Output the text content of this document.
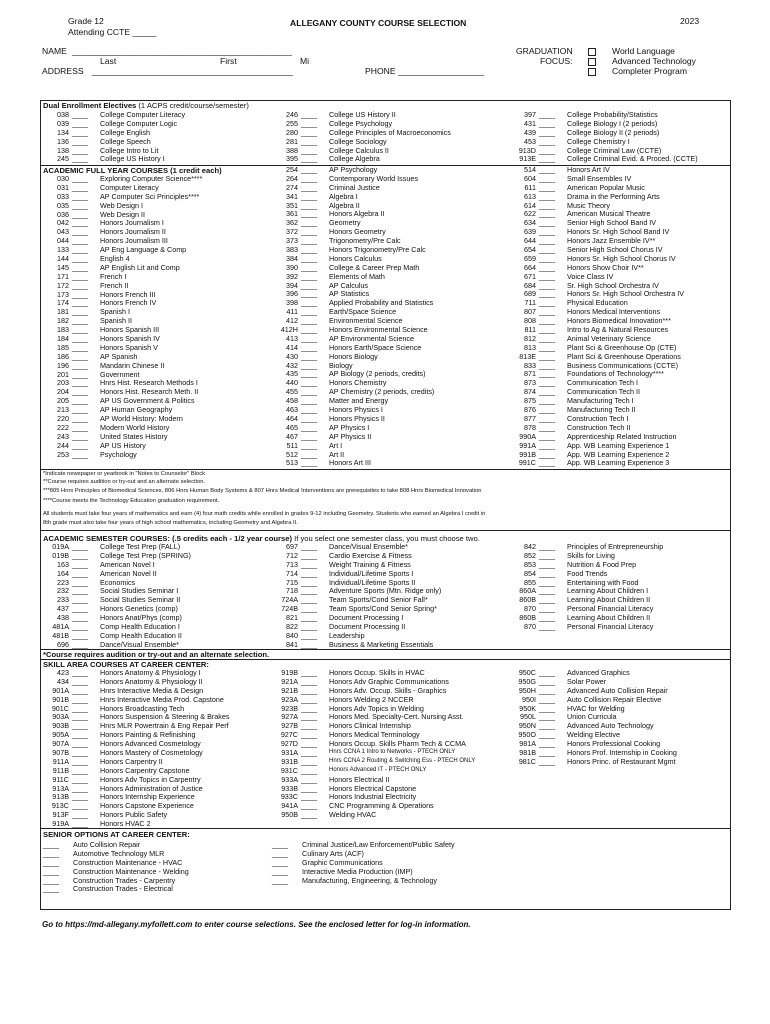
Grade 12
Attending CCTE _____
ALLEGANY COUNTY COURSE SELECTION	2023
NAME ______________________________________________
Last	First	Mi
ADDRESS __________________________________________
GRADUATION
FOCUS:
PHONE __________________
World Language
Advanced Technology
Completer Program
Dual Enrollment Electives (1 ACPS credit/course/semester)
038 ____ College Computer Literacy
039 ____ College Computer Logic
134 ____ College English
136 ____ College Speech
138 ____ College Intro to Lit
245 ____ College US History I
246 ____ College US History II
255 ____ College Psychology
280 ____ College Principles of Macroeconomics
281 ____ College Sociology
388 ____ College Calculus II
395 ____ College Algebra
397 ____ College Probability/Statistics
431 ____ College Biology I (2 periods)
439 ____ College Biology II (2 periods)
453 ____ College Chemistry I
913D ____ College Criminal Law (CCTE)
913E ____ College Criminal Evid. & Proced. (CCTE)
ACADEMIC FULL YEAR COURSES (1 credit each)
030 ____ Exploring Computer Science****
031 ____ Computer Literacy
033 ____ AP Computer Sci Principles****
035 ____ Web Design I
036 ____ Web Design II
042 ____ Honors Journalism I
043 ____ Honors Journalism II
044 ____ Honors Journalism III
133 ____ AP Eng Language & Comp
144 ____ English 4
145 ____ AP English Lit and Comp
171 ____ French I
172 ____ French II
173 ____ Honors French III
174 ____ Honors French IV
181 ____ Spanish I
182 ____ Spanish II
183 ____ Honors Spanish III
184 ____ Honors Spanish IV
185 ____ Honors Spanish V
186 ____ AP Spanish
196 ____ Mandarin Chinese II
201 ____ Government
203 ____ Hnrs Hist. Research Methods I
204 ____ Honors Hist. Research Meth. II
205 ____ AP US Government & Politics
213 ____ AP Human Geography
220 ____ AP World History: Modern
222 ____ Modern World History
243 ____ United States History
244 ____ AP US History
253 ____ Psychology
254 ____ AP Psychology
264 ____ Contemporary World Issues
274 ____ Criminal Justice
341 ____ Algebra I
351 ____ Algebra II
361 ____ Honors Algebra II
362 ____ Geometry
372 ____ Honors Geometry
373 ____ Trigonometry/Pre Calc
383 ____ Honors Trigonometry/Pre Calc
384 ____ Honors Calculus
390 ____ College & Career Prep Math
392 ____ Elements of Math
394 ____ AP Calculus
396 ____ AP Statistics
398 ____ Applied Probability and Statistics
411 ____ Earth/Space Science
412 ____ Environmental Science
412H ____ Honors Environmental Science
413 ____ AP Environmental Science
414 ____ Honors Earth/Space Science
430 ____ Honors Biology
432 ____ Biology
435 ____ AP Biology (2 periods, credits)
440 ____ Honors Chemistry
455 ____ AP Chemistry (2 periods, credits)
458 ____ Matter and Energy
463 ____ Honors Physics I
464 ____ Honors Physics II
465 ____ AP Physics I
467 ____ AP Physics II
511 ____ Art I
512 ____ Art II
513 ____ Honors Art III
514 ____ Honors Art IV
604 ____ Small Ensembles IV
611 ____ American Popular Music
613 ____ Drama in the Performing Arts
614 ____ Music Theory
622 ____ American Musical Theatre
634 ____ Senior High School Band IV
639 ____ Honors Sr. High School Band IV
644 ____ Honors Jazz Ensemble IV**
654 ____ Senior High School Chorus IV
659 ____ Honors Sr. High School Chorus IV
664 ____ Honors Show Choir IV**
671 ____ Voice Class IV
684 ____ Sr. High School Orchestra IV
689 ____ Honors Sr. High School Orchestra IV
711 ____ Physical Education
807 ____ Honors Medical Interventions
808 ____ Honors Biomedical Innovation***
811 ____ Intro to Ag & Natural Resources
812 ____ Animal Veterinary Science
813 ____ Plant Sci & Greenhouse Op (CTE)
813E ____ Plant Sci & Greenhouse Operations
833 ____ Business Communications (CCTE)
871 ____ Foundations of Technology****
873 ____ Communication Tech I
874 ____ Communication Tech II
875 ____ Manufacturing Tech I
876 ____ Manufacturing Tech II
877 ____ Construction Tech I
878 ____ Construction Tech II
990A ____ Apprenticeship Related Instruction
991A ____ App. WB Learning Experience 1
991B ____ App. WB Learning Experience 2
991C ____ App. WB Learning Experience 3
*Indicate newspaper or yearbook in "Notes to Counselor" Block
**Course requires audition or try-out and an alternate selection.
***805 Hnrs Principles of Biomedical Sciences, 806 Hnrs Human Body Systems & 807 Hnrs Medical Interventions are prerequisites to take 808 Hnrs Biomedical Innovation
****Course meets the Technology Education graduation requirement.
All students must take four years of mathematics and earn (4) four math credits while enrolled in grades 9-12 including Geometry. Students who earned an Algebra I credit in
8th grade must also take four years of high school mathematics, including Geometry and Algebra II.
ACADEMIC SEMESTER COURSES: (.5 credits each - 1/2 year course) If you select one semester class, you must choose two.
019A ____ College Test Prep (FALL)
019B ____ College Test Prep (SPRING)
163 ____ American Novel I
164 ____ American Novel II
223 ____ Economics
232 ____ Social Studies Seminar I
233 ____ Social Studies Seminar II
437 ____ Honors Genetics (comp)
438 ____ Honors Anat/Phys (comp)
481A ____ Comp Health Education I
481B ____ Comp Health Education II
696 ____ Dance/Visual Ensemble*
697 ____ Dance/Visual Ensemble*
712 ____ Cardio Exercise & Fitness
713 ____ Weight Training & Fitness
714 ____ Individual/Lifetime Sports I
715 ____ Individual/Lifetime Sports II
718 ____ Adventure Sports (Mtn. Ridge only)
724A ____ Team Sports/Cond Senior Fall*
724B ____ Team Sports/Cond Senior Spring*
821 ____ Document Processing I
822 ____ Document Processing II
840 ____ Leadership
841 ____ Business & Marketing Essentials
842 ____ Principles of Entrepreneurship
852 ____ Skills for Living
853 ____ Nutrition & Food Prep
854 ____ Food Trends
855 ____ Entertaining with Food
860A ____ Learning About Children I
860B ____ Learning About Children II
870 ____ Personal Financial Literacy
860B ____ Learning About Children II
870 ____ Personal Financial Literacy
*Course requires audition or try-out and an alternate selection.
SKILL AREA COURSES AT CAREER CENTER:
423 ____ Honors Anatomy & Physiology I
434 ____ Honors Anatomy & Physiology II
901A ____ Hnrs Interactive Media & Design
901B ____ Hnrs Interactive Media Prod. Capstone
901C ____ Honors Broadcasting Tech
903A ____ Honors Suspension & Steering & Brakes
903B ____ Hnrs MLR Powertrain & Eng Repair Perf
905A ____ Honors Painting & Refinishing
907A ____ Honors Advanced Cosmetology
907B ____ Honors Mastery of Cosmetology
911A ____ Honors Carpentry II
911B ____ Honors Carpentry Capstone
911C ____ Honors Adv Topics in Carpentry
913A ____ Honors Administration of Justice
913B ____ Honors Internship Experience
913C ____ Honors Capstone Experience
913F ____ Honors Public Safety
919A ____ Honors HVAC 2
919B ____ Honors Occup. Skills in HVAC
921A ____ Honors Adv Graphic Communications
921B ____ Honors Adv. Occup. Skills - Graphics
923A ____ Honors Welding 2 NCCER
923B ____ Honors Adv Topics in Welding
927A ____ Honors Med. Specialty-Cert. Nursing Asst.
927B ____ Honors Clinical Internship
927C ____ Honors Medical Terminology
927D ____ Honors Occup. Skills Pharm Tech & CCMA
931A ____ Hnrs CCNA 1 Intro to Networks - PTECH ONLY
931B ____ Hnrs CCNA 2 Routing & Switching Ess - PTECH ONLY
931C ____ Honors Advanced IT - PTECH ONLY
933A ____ Honors Electrical II
933B ____ Honors Electrical Capstone
933C ____ Honors Industrial Electricity
941A ____ CNC Programming & Operations
950B ____ Welding HVAC
950C ____ Advanced Graphics
950G ____ Solar Power
950H ____ Advanced Auto Collision Repair
950I ____ Auto Collision Repair Elective
950K ____ HVAC for Welding
950L ____ Union Curricula
950N ____ Advanced Auto Technology
950O ____ Welding Elective
981A ____ Honors Professional Cooking
981B ____ Honors Prof. Internship in Cooking
981C ____ Honors Princ. of Restaurant Mgmt
SENIOR OPTIONS AT CAREER CENTER:
____ Auto Collision Repair
____ Automotive Technology MLR
____ Construction Maintenance - HVAC
____ Construction Maintenance - Welding
____ Construction Trades - Carpentry
____ Construction Trades - Electrical
____ Criminal Justice/Law Enforcement/Public Safety
____ Culinary Arts (ACF)
____ Graphic Communications
____ Interactive Media Production (IMP)
____ Manufacturing, Engineering, & Technology
Go to https://md-allegany.myfollett.com to enter course selections. See the enclosed letter for log-in information.
